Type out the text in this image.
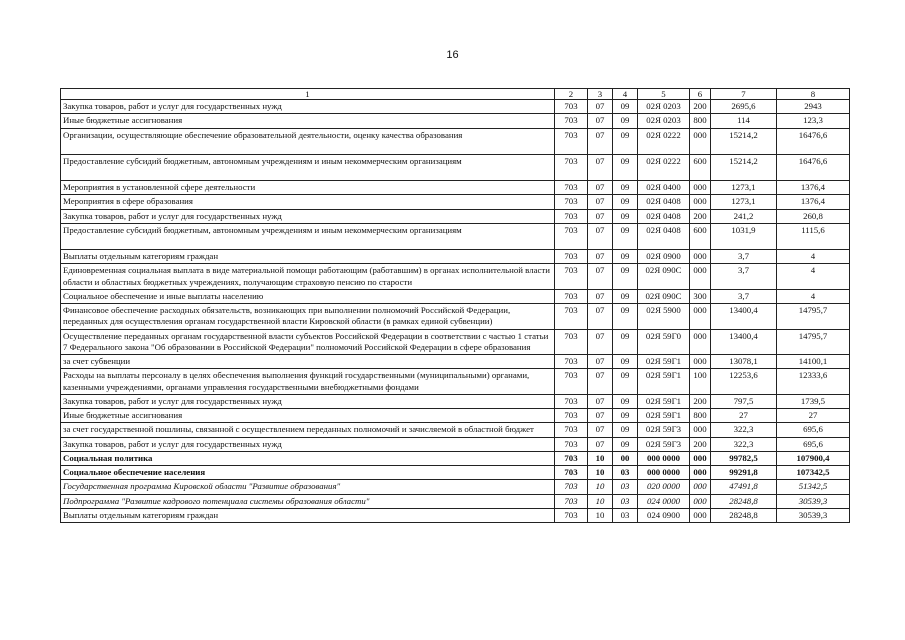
16
1	2	3	4	5	6	7	8
Закупка товаров, работ и услуг для государственных нужд	703	07	09	02Я 0203	200	2695,6	2943
Иные бюджетные ассигнования	703	07	09	02Я 0203	800	114	123,3
Организации, осуществляющие обеспечение образовательной деятельности, оценку качества образования	703	07	09	02Я 0222	000	15214,2	16476,6
Предоставление субсидий бюджетным, автономным учреждениям и иным некоммерческим организациям	703	07	09	02Я 0222	600	15214,2	16476,6
Мероприятия в установленной сфере деятельности	703	07	09	02Я 0400	000	1273,1	1376,4
Мероприятия в сфере образования	703	07	09	02Я 0408	000	1273,1	1376,4
Закупка товаров, работ и услуг для государственных нужд	703	07	09	02Я 0408	200	241,2	260,8
Предоставление субсидий бюджетным, автономным учреждениям и иным некоммерческим организациям	703	07	09	02Я 0408	600	1031,9	1115,6
Выплаты отдельным категориям граждан	703	07	09	02Я 0900	000	3,7	4
Единовременная социальная выплата в виде материальной помощи работающим (работавшим) в органах исполнительной власти области и областных бюджетных учреждениях, получающим страховую пенсию по старости	703	07	09	02Я 090С	000	3,7	4
Социальное обеспечение и иные выплаты населению	703	07	09	02Я 090С	300	3,7	4
Финансовое обеспечение расходных обязательств, возникающих при выполнении полномочий Российской Федерации, переданных для осуществления органам государственной власти Кировской области (в рамках единой субвенции)	703	07	09	02Я 5900	000	13400,4	14795,7
Осуществление переданных органам государственной власти субъектов Российской Федерации в соответствии с частью 1 статьи 7 Федерального закона "Об образовании в Российской Федерации" полномочий Российской Федерации в сфере образования	703	07	09	02Я 59Г0	000	13400,4	14795,7
за счет субвенции	703	07	09	02Я 59Г1	000	13078,1	14100,1
Расходы на выплаты персоналу в целях обеспечения выполнения функций государственными (муниципальными) органами, казенными учреждениями, органами управления государственными внебюджетными фондами	703	07	09	02Я 59Г1	100	12253,6	12333,6
Закупка товаров, работ и услуг для государственных нужд	703	07	09	02Я 59Г1	200	797,5	1739,5
Иные бюджетные ассигнования	703	07	09	02Я 59Г1	800	27	27
за счет государственной пошлины, связанной с осуществлением переданных полномочий и зачисляемой в областной бюджет	703	07	09	02Я 59Г3	000	322,3	695,6
Закупка товаров, работ и услуг для государственных нужд	703	07	09	02Я 59Г3	200	322,3	695,6
Социальная политика	703	10	00	000 0000	000	99782,5	107900,4
Социальное обеспечение населения	703	10	03	000 0000	000	99291,8	107342,5
Государственная программа Кировской области "Развитие образования"	703	10	03	020 0000	000	47491,8	51342,5
Подпрограмма "Развитие кадрового потенциала системы образования области"	703	10	03	024 0000	000	28248,8	30539,3
Выплаты отдельным категориям граждан	703	10	03	024 0900	000	28248,8	30539,3
